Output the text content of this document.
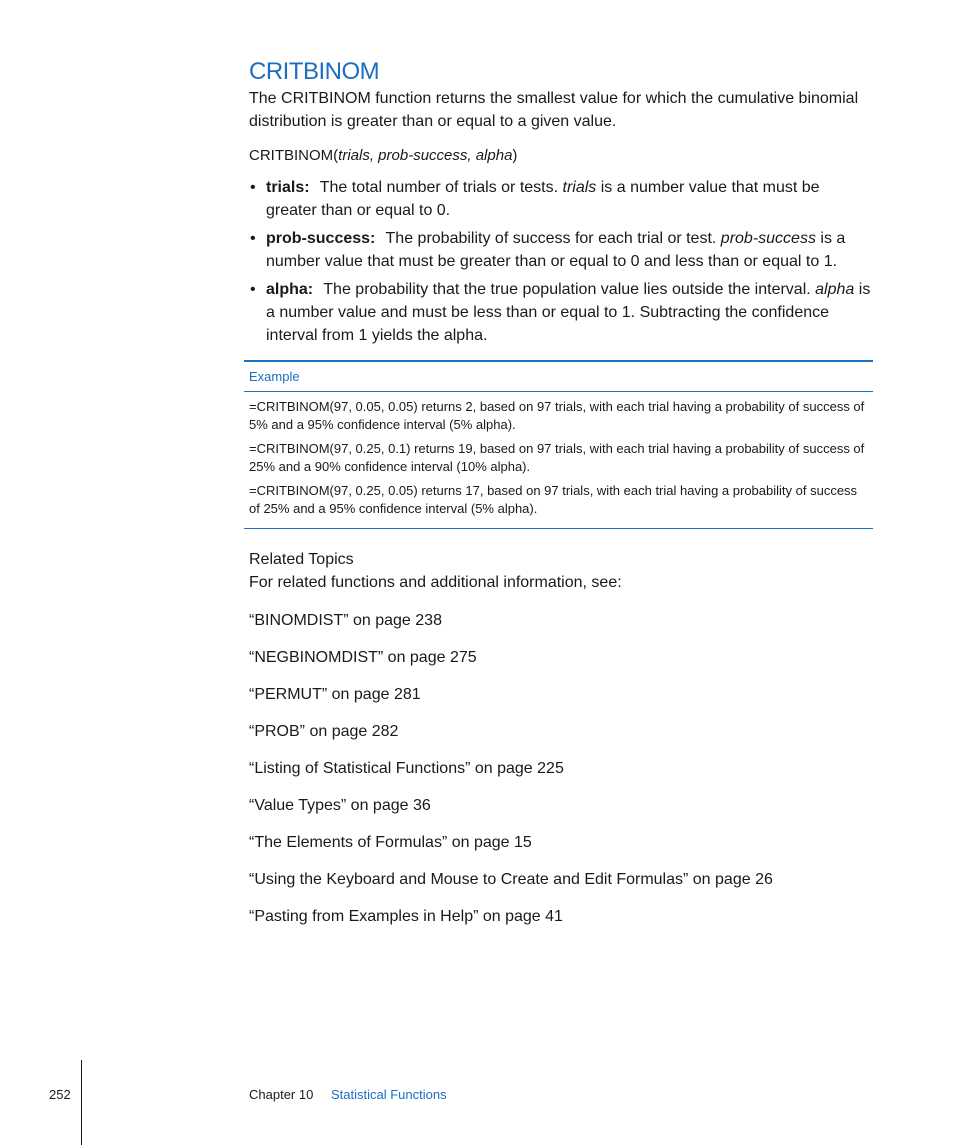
CRITBINOM

The CRITBINOM function returns the smallest value for which the cumulative binomial distribution is greater than or equal to a given value.

CRITBINOM(trials, prob-success, alpha)

• trials: The total number of trials or tests. trials is a number value that must be greater than or equal to 0.
• prob-success: The probability of success for each trial or test. prob-success is a number value that must be greater than or equal to 0 and less than or equal to 1.
• alpha: The probability that the true population value lies outside the interval. alpha is a number value and must be less than or equal to 1. Subtracting the confidence interval from 1 yields the alpha.
Example
=CRITBINOM(97, 0.05, 0.05) returns 2, based on 97 trials, with each trial having a probability of success of 5% and a 95% confidence interval (5% alpha).
=CRITBINOM(97, 0.25, 0.1) returns 19, based on 97 trials, with each trial having a probability of success of 25% and a 90% confidence interval (10% alpha).
=CRITBINOM(97, 0.25, 0.05) returns 17, based on 97 trials, with each trial having a probability of success of 25% and a 95% confidence interval (5% alpha).
Related Topics

For related functions and additional information, see:

“BINOMDIST” on page 238
“NEGBINOMDIST” on page 275
“PERMUT” on page 281
“PROB” on page 282
“Listing of Statistical Functions” on page 225
“Value Types” on page 36
“The Elements of Formulas” on page 15
“Using the Keyboard and Mouse to Create and Edit Formulas” on page 26
“Pasting from Examples in Help” on page 41
252	Chapter 10 Statistical Functions
